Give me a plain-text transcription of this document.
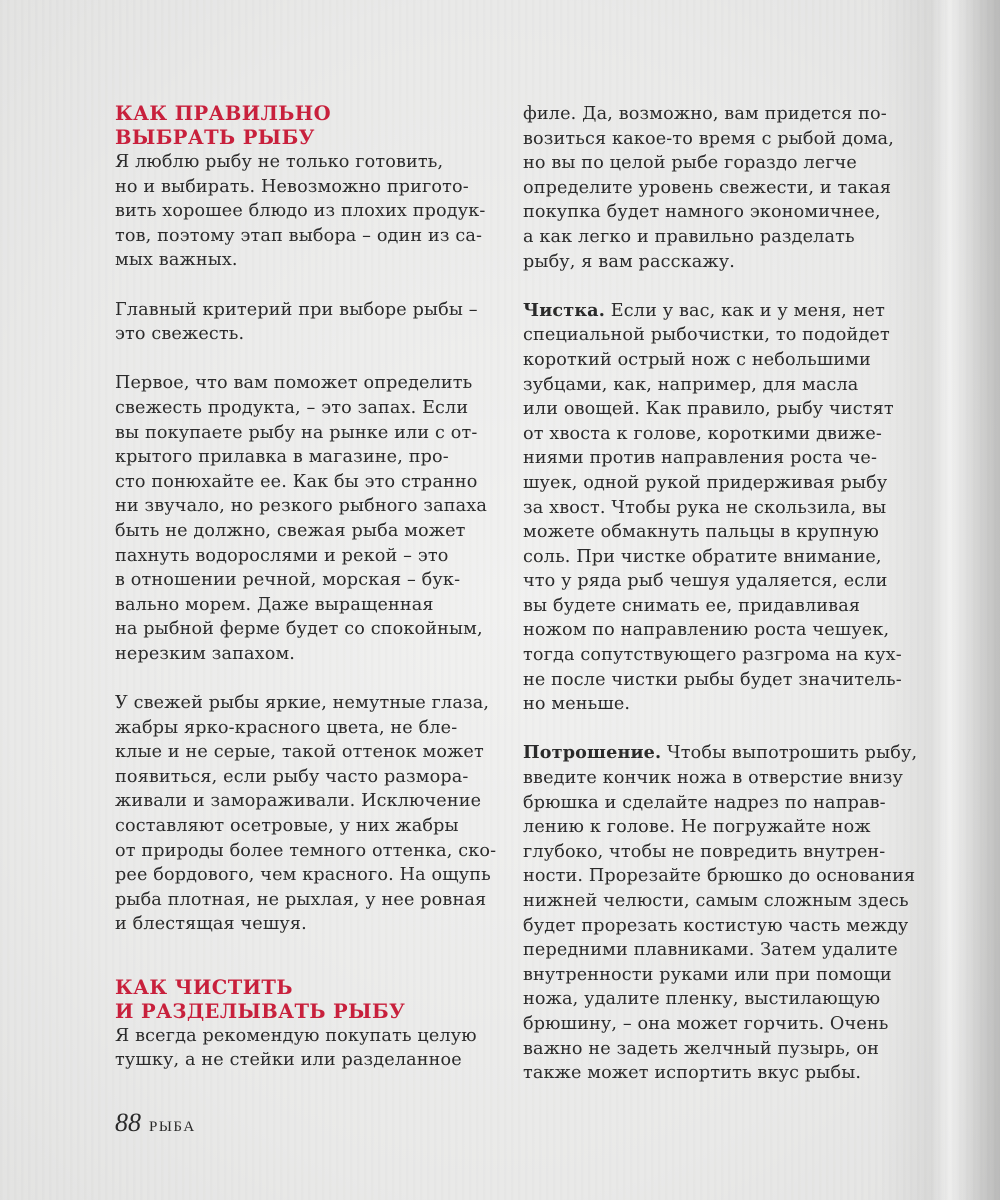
КАК ПРАВИЛЬНО
ВЫБРАТЬ РЫБУ
Я люблю рыбу не только готовить,
но и выбирать. Невозможно пригото-
вить хорошее блюдо из плохих продук-
тов, поэтому этап выбора – один из са-
мых важных.
Главный критерий при выборе рыбы –
это свежесть.
Первое, что вам поможет определить
свежесть продукта, – это запах. Если
вы покупаете рыбу на рынке или с от-
крытого прилавка в магазине, про-
сто понюхайте ее. Как бы это странно
ни звучало, но резкого рыбного запаха
быть не должно, свежая рыба может
пахнуть водорослями и рекой – это
в отношении речной, морская – бук-
вально морем. Даже выращенная
на рыбной ферме будет со спокойным,
нерезким запахом.
У свежей рыбы яркие, немутные глаза,
жабры ярко-красного цвета, не бле-
клые и не серые, такой оттенок может
появиться, если рыбу часто размора-
живали и замораживали. Исключение
составляют осетровые, у них жабры
от природы более темного оттенка, ско-
рее бордового, чем красного. На ощупь
рыба плотная, не рыхлая, у нее ровная
и блестящая чешуя.
КАК ЧИСТИТЬ
И РАЗДЕЛЫВАТЬ РЫБУ
Я всегда рекомендую покупать целую
тушку, а не стейки или разделанное
филе. Да, возможно, вам придется по-
возиться какое-то время с рыбой дома,
но вы по целой рыбе гораздо легче
определите уровень свежести, и такая
покупка будет намного экономичнее,
а как легко и правильно разделать
рыбу, я вам расскажу.
Чистка. Если у вас, как и у меня, нет
специальной рыбочистки, то подойдет
короткий острый нож с небольшими
зубцами, как, например, для масла
или овощей. Как правило, рыбу чистят
от хвоста к голове, короткими движе-
ниями против направления роста че-
шуек, одной рукой придерживая рыбу
за хвост. Чтобы рука не скользила, вы
можете обмакнуть пальцы в крупную
соль. При чистке обратите внимание,
что у ряда рыб чешуя удаляется, если
вы будете снимать ее, придавливая
ножом по направлению роста чешуек,
тогда сопутствующего разгрома на кух-
не после чистки рыбы будет значитель-
но меньше.
Потрошение. Чтобы выпотрошить рыбу,
введите кончик ножа в отверстие внизу
брюшка и сделайте надрез по направ-
лению к голове. Не погружайте нож
глубоко, чтобы не повредить внутрен-
ности. Прорезайте брюшко до основания
нижней челюсти, самым сложным здесь
будет прорезать костистую часть между
передними плавниками. Затем удалите
внутренности руками или при помощи
ножа, удалите пленку, выстилающую
брюшину, – она может горчить. Очень
важно не задеть желчный пузырь, он
также может испортить вкус рыбы.
88 РЫБА
